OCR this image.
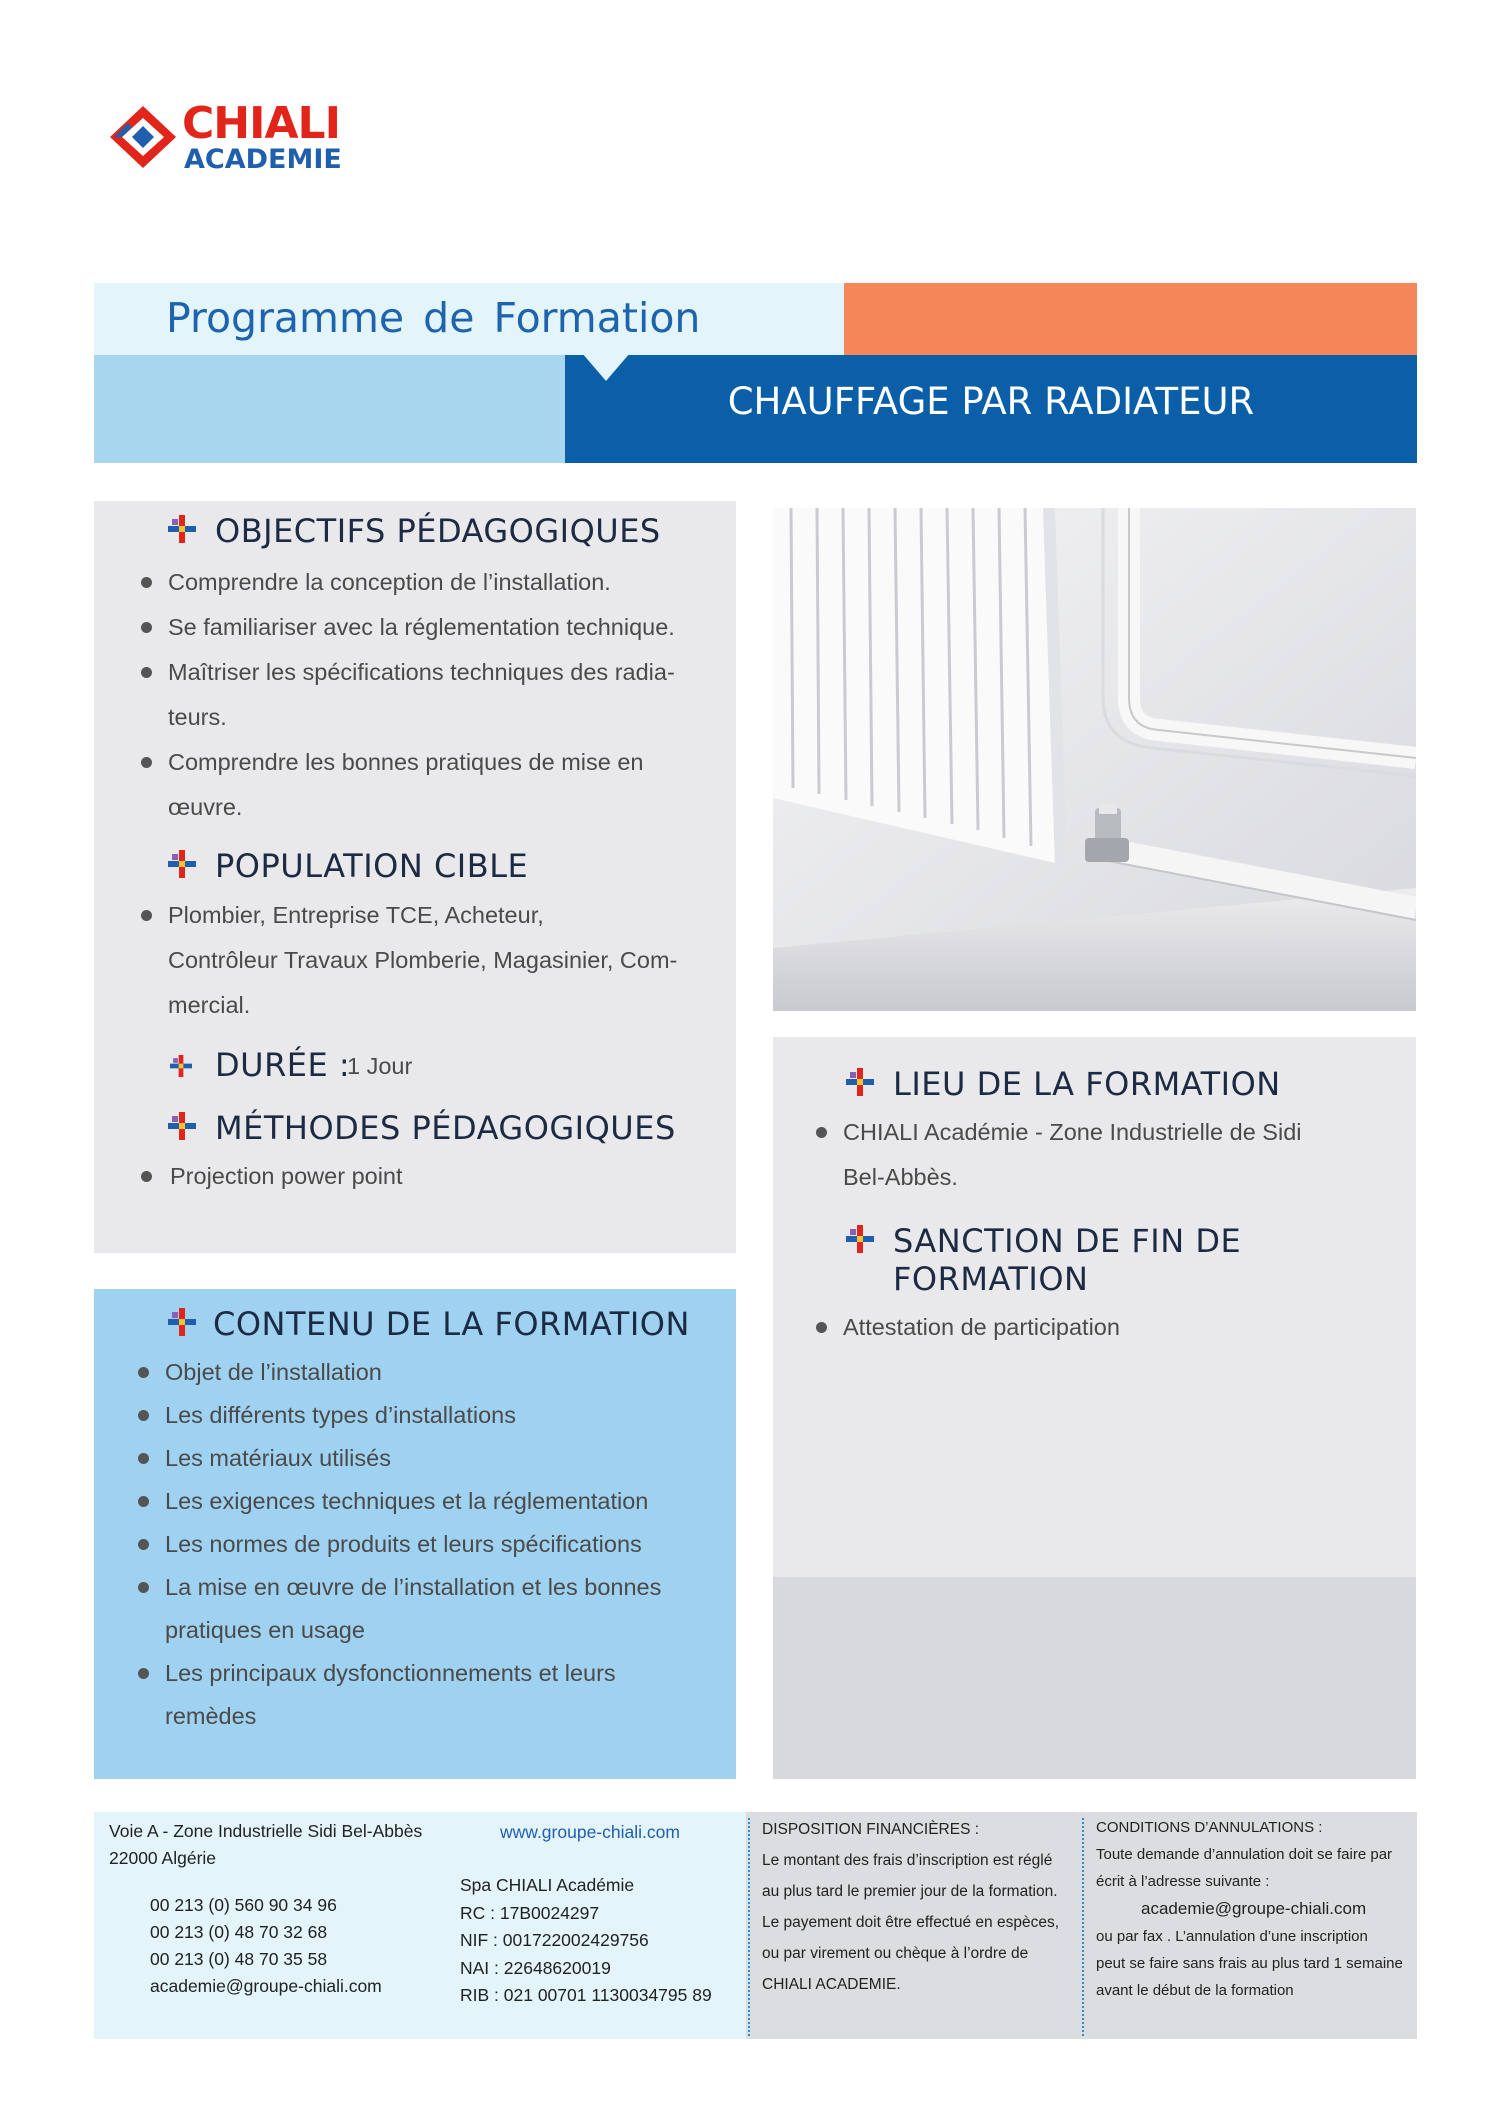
CHIALI
ACADEMIE
Programme de Formation
CHAUFFAGE PAR RADIATEUR
OBJECTIFS PÉDAGOGIQUES
Comprendre la conception de l’installation.
Se familiariser avec la réglementation technique.
Maîtriser les spécifications techniques des radia-
teurs.
Comprendre les bonnes pratiques de mise en
œuvre.
POPULATION CIBLE
Plombier, Entreprise TCE, Acheteur,
Contrôleur Travaux Plomberie, Magasinier, Com-
mercial.
DURÉE :
1 Jour
MÉTHODES PÉDAGOGIQUES
Projection power point
CONTENU DE LA FORMATION
Objet de l’installation
Les différents types d’installations
Les matériaux utilisés
Les exigences techniques et la réglementation
Les normes de produits et leurs spécifications
La mise en œuvre de l’installation et les bonnes
pratiques en usage
Les principaux dysfonctionnements et leurs
remèdes
LIEU DE LA FORMATION
CHIALI Académie - Zone Industrielle de Sidi
Bel-Abbès.
SANCTION DE FIN DE
FORMATION
Attestation de participation
Voie A - Zone Industrielle Sidi Bel-Abbès
22000 Algérie
00 213 (0) 560 90 34 96
00 213 (0) 48 70 32 68
00 213 (0) 48 70 35 58
academie@groupe-chiali.com
www.groupe-chiali.com
Spa CHIALI Académie
RC : 17B0024297
NIF : 001722002429756
NAI : 22648620019
RIB : 021 00701 1130034795 89
DISPOSITION FINANCIÈRES :
Le montant des frais d’inscription est réglé
au plus tard le premier jour de la formation.
Le payement doit être effectué en espèces,
ou par virement ou chèque à l’ordre de
CHIALI ACADEMIE.
CONDITIONS D’ANNULATIONS :
Toute demande d’annulation doit se faire par
écrit à l’adresse suivante :
academie@groupe-chiali.com
ou par fax . L’annulation d’une inscription
peut se faire sans frais au plus tard 1 semaine
avant le début de la formation
